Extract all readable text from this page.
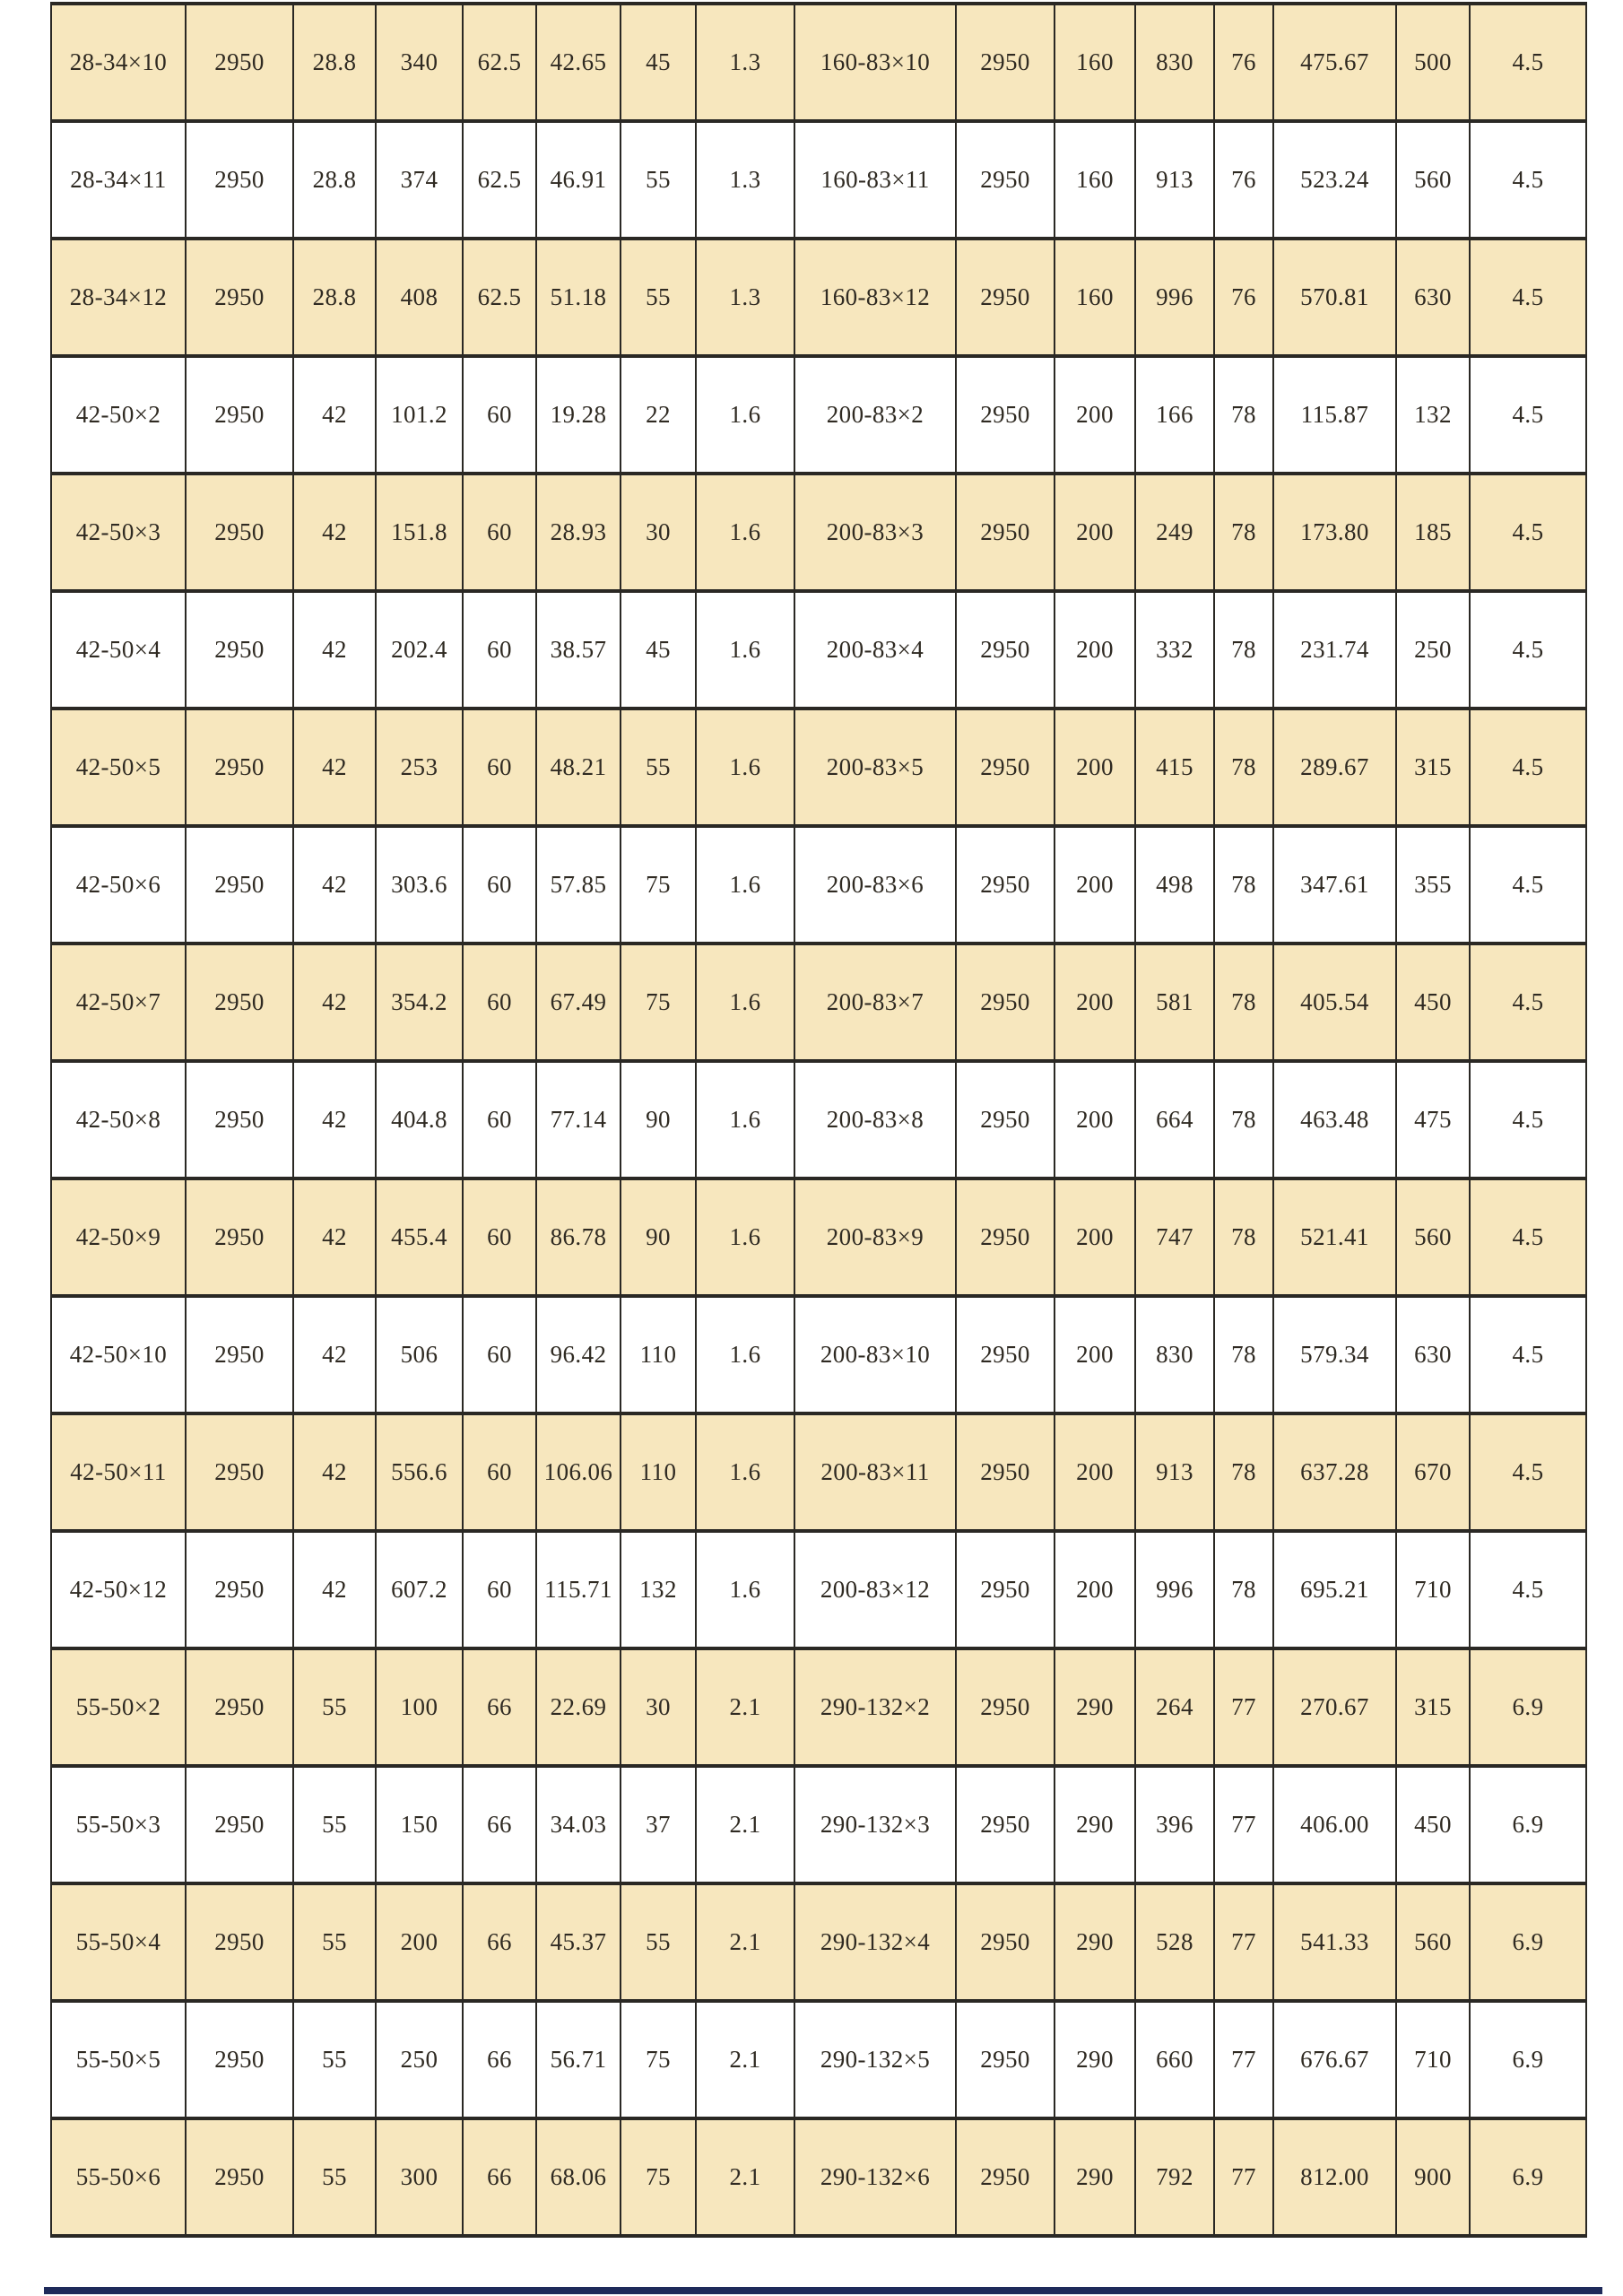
28-34×10	2950	28.8	340	62.5	42.65	45	1.3	160-83×10	2950	160	830	76	475.67	500	4.5
28-34×11	2950	28.8	374	62.5	46.91	55	1.3	160-83×11	2950	160	913	76	523.24	560	4.5
28-34×12	2950	28.8	408	62.5	51.18	55	1.3	160-83×12	2950	160	996	76	570.81	630	4.5
42-50×2	2950	42	101.2	60	19.28	22	1.6	200-83×2	2950	200	166	78	115.87	132	4.5
42-50×3	2950	42	151.8	60	28.93	30	1.6	200-83×3	2950	200	249	78	173.80	185	4.5
42-50×4	2950	42	202.4	60	38.57	45	1.6	200-83×4	2950	200	332	78	231.74	250	4.5
42-50×5	2950	42	253	60	48.21	55	1.6	200-83×5	2950	200	415	78	289.67	315	4.5
42-50×6	2950	42	303.6	60	57.85	75	1.6	200-83×6	2950	200	498	78	347.61	355	4.5
42-50×7	2950	42	354.2	60	67.49	75	1.6	200-83×7	2950	200	581	78	405.54	450	4.5
42-50×8	2950	42	404.8	60	77.14	90	1.6	200-83×8	2950	200	664	78	463.48	475	4.5
42-50×9	2950	42	455.4	60	86.78	90	1.6	200-83×9	2950	200	747	78	521.41	560	4.5
42-50×10	2950	42	506	60	96.42	110	1.6	200-83×10	2950	200	830	78	579.34	630	4.5
42-50×11	2950	42	556.6	60	106.06	110	1.6	200-83×11	2950	200	913	78	637.28	670	4.5
42-50×12	2950	42	607.2	60	115.71	132	1.6	200-83×12	2950	200	996	78	695.21	710	4.5
55-50×2	2950	55	100	66	22.69	30	2.1	290-132×2	2950	290	264	77	270.67	315	6.9
55-50×3	2950	55	150	66	34.03	37	2.1	290-132×3	2950	290	396	77	406.00	450	6.9
55-50×4	2950	55	200	66	45.37	55	2.1	290-132×4	2950	290	528	77	541.33	560	6.9
55-50×5	2950	55	250	66	56.71	75	2.1	290-132×5	2950	290	660	77	676.67	710	6.9
55-50×6	2950	55	300	66	68.06	75	2.1	290-132×6	2950	290	792	77	812.00	900	6.9
